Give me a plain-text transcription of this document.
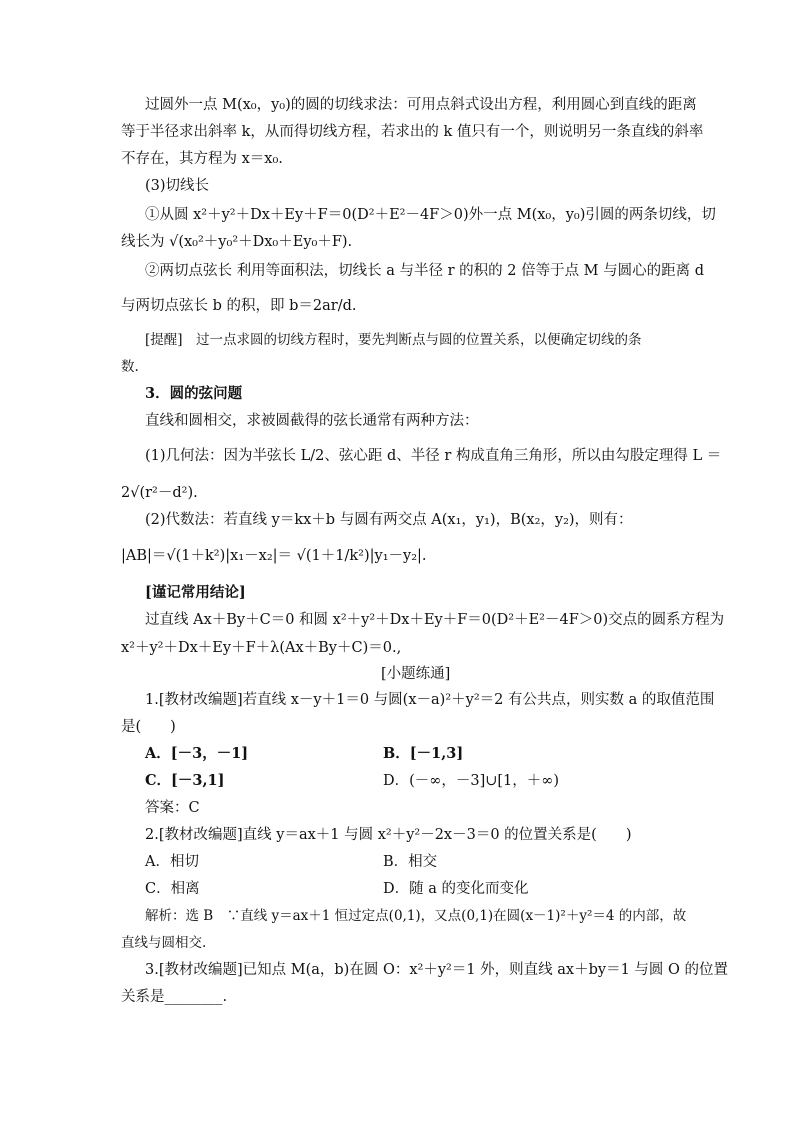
过圆外一点 M(x₀，y₀)的圆的切线求法：可用点斜式设出方程，利用圆心到直线的距离
等于半径求出斜率 k，从而得切线方程，若求出的 k 值只有一个，则说明另一条直线的斜率
不存在，其方程为 x＝x₀.
(3)切线长
①从圆 x²＋y²＋Dx＋Ey＋F＝0(D²＋E²－4F＞0)外一点 M(x₀，y₀)引圆的两条切线，切
线长为 √(x₀²＋y₀²＋Dx₀＋Ey₀＋F).
②两切点弦长 利用等面积法，切线长 a 与半径 r 的积的 2 倍等于点 M 与圆心的距离 d
与两切点弦长 b 的积，即 b＝2ar/d.
[提醒]　过一点求圆的切线方程时，要先判断点与圆的位置关系，以便确定切线的条
数.
3．圆的弦问题
直线和圆相交，求被圆截得的弦长通常有两种方法：
(1)几何法：因为半弦长 L/2、弦心距 d、半径 r 构成直角三角形，所以由勾股定理得 L ＝
2√(r²－d²).
(2)代数法：若直线 y＝kx＋b 与圆有两交点 A(x₁，y₁)，B(x₂，y₂)，则有：
|AB|＝√(1＋k²)|x₁－x₂|＝ √(1＋1/k²)|y₁－y₂|.
[谨记常用结论]
过直线 Ax＋By＋C＝0 和圆 x²＋y²＋Dx＋Ey＋F＝0(D²＋E²－4F＞0)交点的圆系方程为
x²＋y²＋Dx＋Ey＋F＋λ(Ax＋By＋C)＝0.,
[小题练通]
1.[教材改编题]若直线 x－y＋1＝0 与圆(x－a)²＋y²＝2 有公共点，则实数 a 的取值范围
是(　　)
A．[－3，－1]	B．[－1,3]
C．[－3,1]	D．(－∞，－3]∪[1，＋∞)
答案：C
2.[教材改编题]直线 y＝ax＋1 与圆 x²＋y²－2x－3＝0 的位置关系是(　　)
A．相切	B．相交
C．相离	D．随 a 的变化而变化
解析：选 B　∵直线 y＝ax＋1 恒过定点(0,1)，又点(0,1)在圆(x－1)²＋y²＝4 的内部，故
直线与圆相交.
3.[教材改编题]已知点 M(a，b)在圆 O：x²＋y²＝1 外，则直线 ax＋by＝1 与圆 O 的位置
关系是________.
